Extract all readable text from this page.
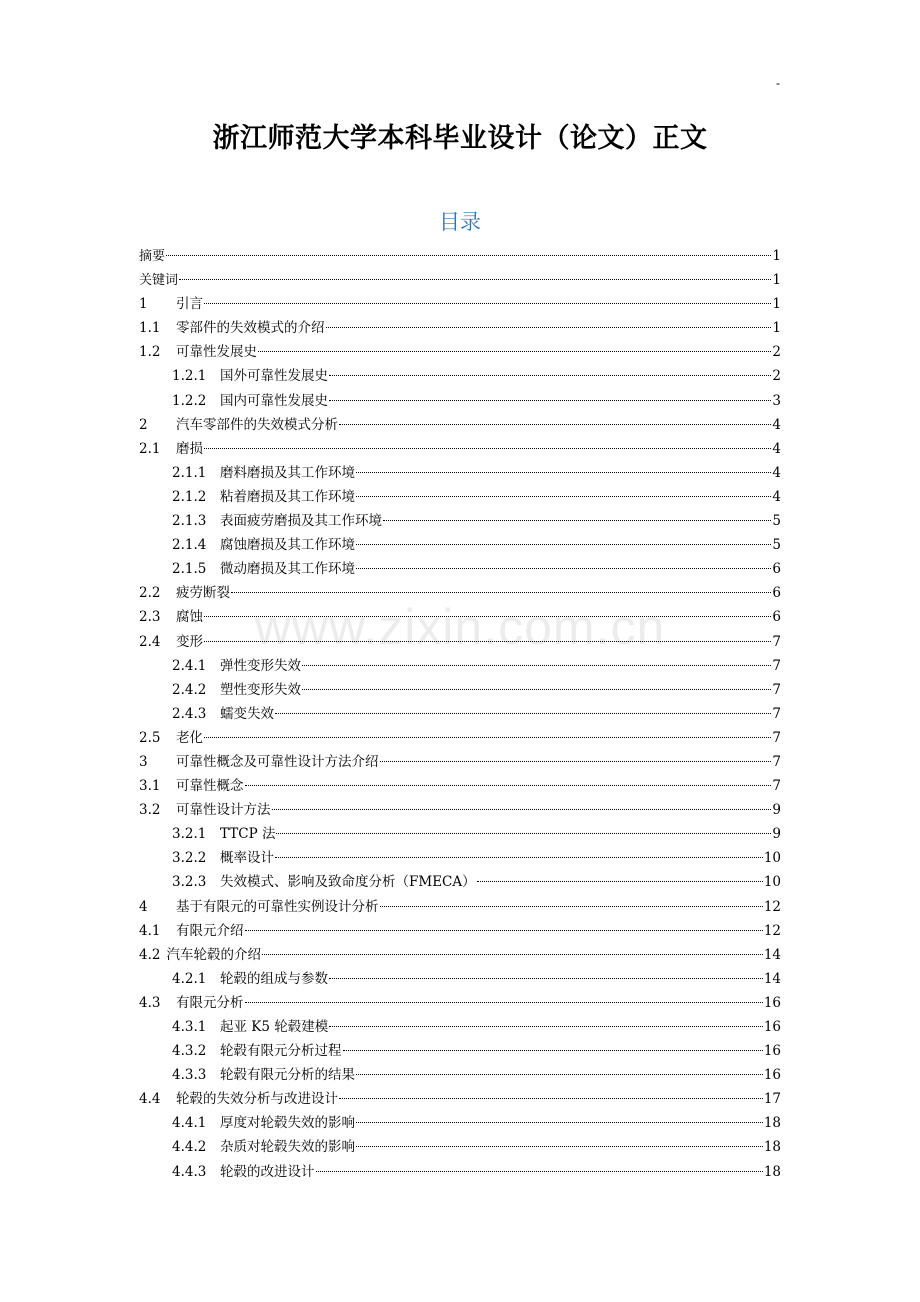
-
浙江师范大学本科毕业设计（论文）正文
目录
www.zixin.com.cn
摘要	1
关键词	1
1	引言	1
1.1	零部件的失效模式的介绍	1
1.2	可靠性发展史	2
1.2.1	国外可靠性发展史	2
1.2.2	国内可靠性发展史	3
2	汽车零部件的失效模式分析	4
2.1	磨损	4
2.1.1	磨料磨损及其工作环境	4
2.1.2	粘着磨损及其工作环境	4
2.1.3	表面疲劳磨损及其工作环境	5
2.1.4	腐蚀磨损及其工作环境	5
2.1.5	微动磨损及其工作环境	6
2.2	疲劳断裂	6
2.3	腐蚀	6
2.4	变形	7
2.4.1	弹性变形失效	7
2.4.2	塑性变形失效	7
2.4.3	蠕变失效	7
2.5	老化	7
3	可靠性概念及可靠性设计方法介绍	7
3.1	可靠性概念	7
3.2	可靠性设计方法	9
3.2.1	TTCP 法	9
3.2.2	概率设计	10
3.2.3	失效模式、影响及致命度分析（FMECA）	10
4	基于有限元的可靠性实例设计分析	12
4.1	有限元介绍	12
4.2 汽车轮毂的介绍	14
4.2.1	轮毂的组成与参数	14
4.3	有限元分析	16
4.3.1	起亚 K5 轮毂建模	16
4.3.2	轮毂有限元分析过程	16
4.3.3	轮毂有限元分析的结果	16
4.4	轮毂的失效分析与改进设计	17
4.4.1	厚度对轮毂失效的影响	18
4.4.2	杂质对轮毂失效的影响	18
4.4.3	轮毂的改进设计	18
